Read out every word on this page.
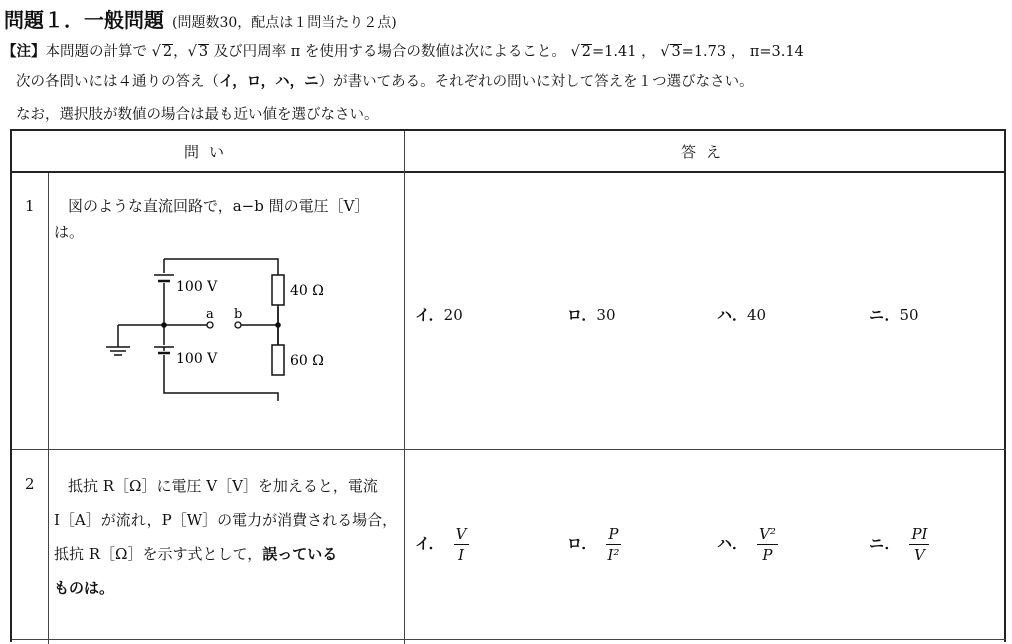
問題１．一般問題 (問題数30，配点は１問当たり２点)
【注】本問題の計算で √ 2，√ 3 及び円周率 π を使用する場合の数値は次によること。 √ 2=1.41 ， √ 3=1.73 ， π=3.14
次の各問いには４通りの答え（イ，ロ，ハ，ニ）が書いてある。それぞれの問いに対して答えを１つ選びなさい。
なお，選択肢が数値の場合は最も近い値を選びなさい。
問い	答え
1	図のような直流回路で，a−b 間の電圧［V］
は。
100 V
100 V
40 Ω
60 Ω
a b	イ．20	ロ．30	ハ．40	ニ．50
2	抵抗 R［Ω］に電圧 V［V］を加えると，電流
I［A］が流れ，P［W］の電力が消費される場合，
抵抗 R［Ω］を示す式として，誤っている
ものは。
イ． $\frac{V}{I}$	ロ． $\frac{P}{\text{I²}}$	ハ． $\frac{\text{V²}}{P}$	ニ． $\frac{PI}{V}$
